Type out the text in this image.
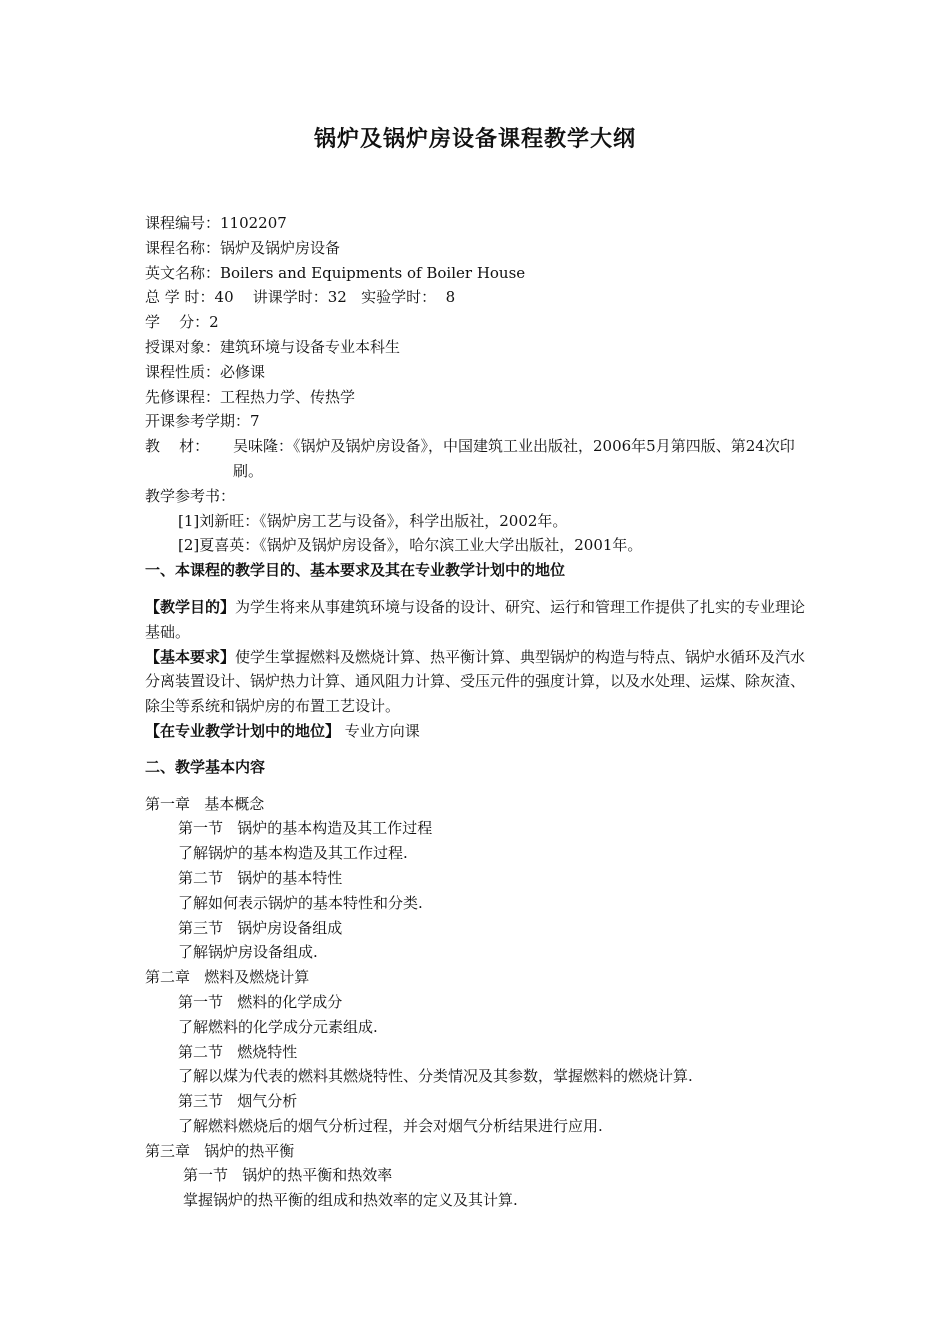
锅炉及锅炉房设备课程教学大纲
课程编号：1102207
课程名称：锅炉及锅炉房设备
英文名称：Boilers and Equipments of Boiler House
总 学 时：40    讲课学时：32   实验学时：  8
学    分：2
授课对象：建筑环境与设备专业本科生
课程性质：必修课
先修课程：工程热力学、传热学
开课参考学期：7
教    材：	吴味隆：《锅炉及锅炉房设备》，中国建筑工业出版社，2006年5月第四版、第24次印刷。
教学参考书：
[1]刘新旺：《锅炉房工艺与设备》，科学出版社，2002年。
[2]夏喜英：《锅炉及锅炉房设备》，哈尔滨工业大学出版社，2001年。
一、本课程的教学目的、基本要求及其在专业教学计划中的地位
【教学目的】为学生将来从事建筑环境与设备的设计、研究、运行和管理工作提供了扎实的专业理论基础。
【基本要求】使学生掌握燃料及燃烧计算、热平衡计算、典型锅炉的构造与特点、锅炉水循环及汽水分离装置设计、锅炉热力计算、通风阻力计算、受压元件的强度计算，以及水处理、运煤、除灰渣、除尘等系统和锅炉房的布置工艺设计。
【在专业教学计划中的地位】 专业方向课
二、教学基本内容
第一章   基本概念
第一节   锅炉的基本构造及其工作过程
了解锅炉的基本构造及其工作过程.
第二节   锅炉的基本特性
了解如何表示锅炉的基本特性和分类.
第三节   锅炉房设备组成
了解锅炉房设备组成.
第二章   燃料及燃烧计算
第一节   燃料的化学成分
了解燃料的化学成分元素组成.
第二节   燃烧特性
了解以煤为代表的燃料其燃烧特性、分类情况及其参数，掌握燃料的燃烧计算.
第三节   烟气分析
了解燃料燃烧后的烟气分析过程，并会对烟气分析结果进行应用.
第三章   锅炉的热平衡
第一节   锅炉的热平衡和热效率
掌握锅炉的热平衡的组成和热效率的定义及其计算.
